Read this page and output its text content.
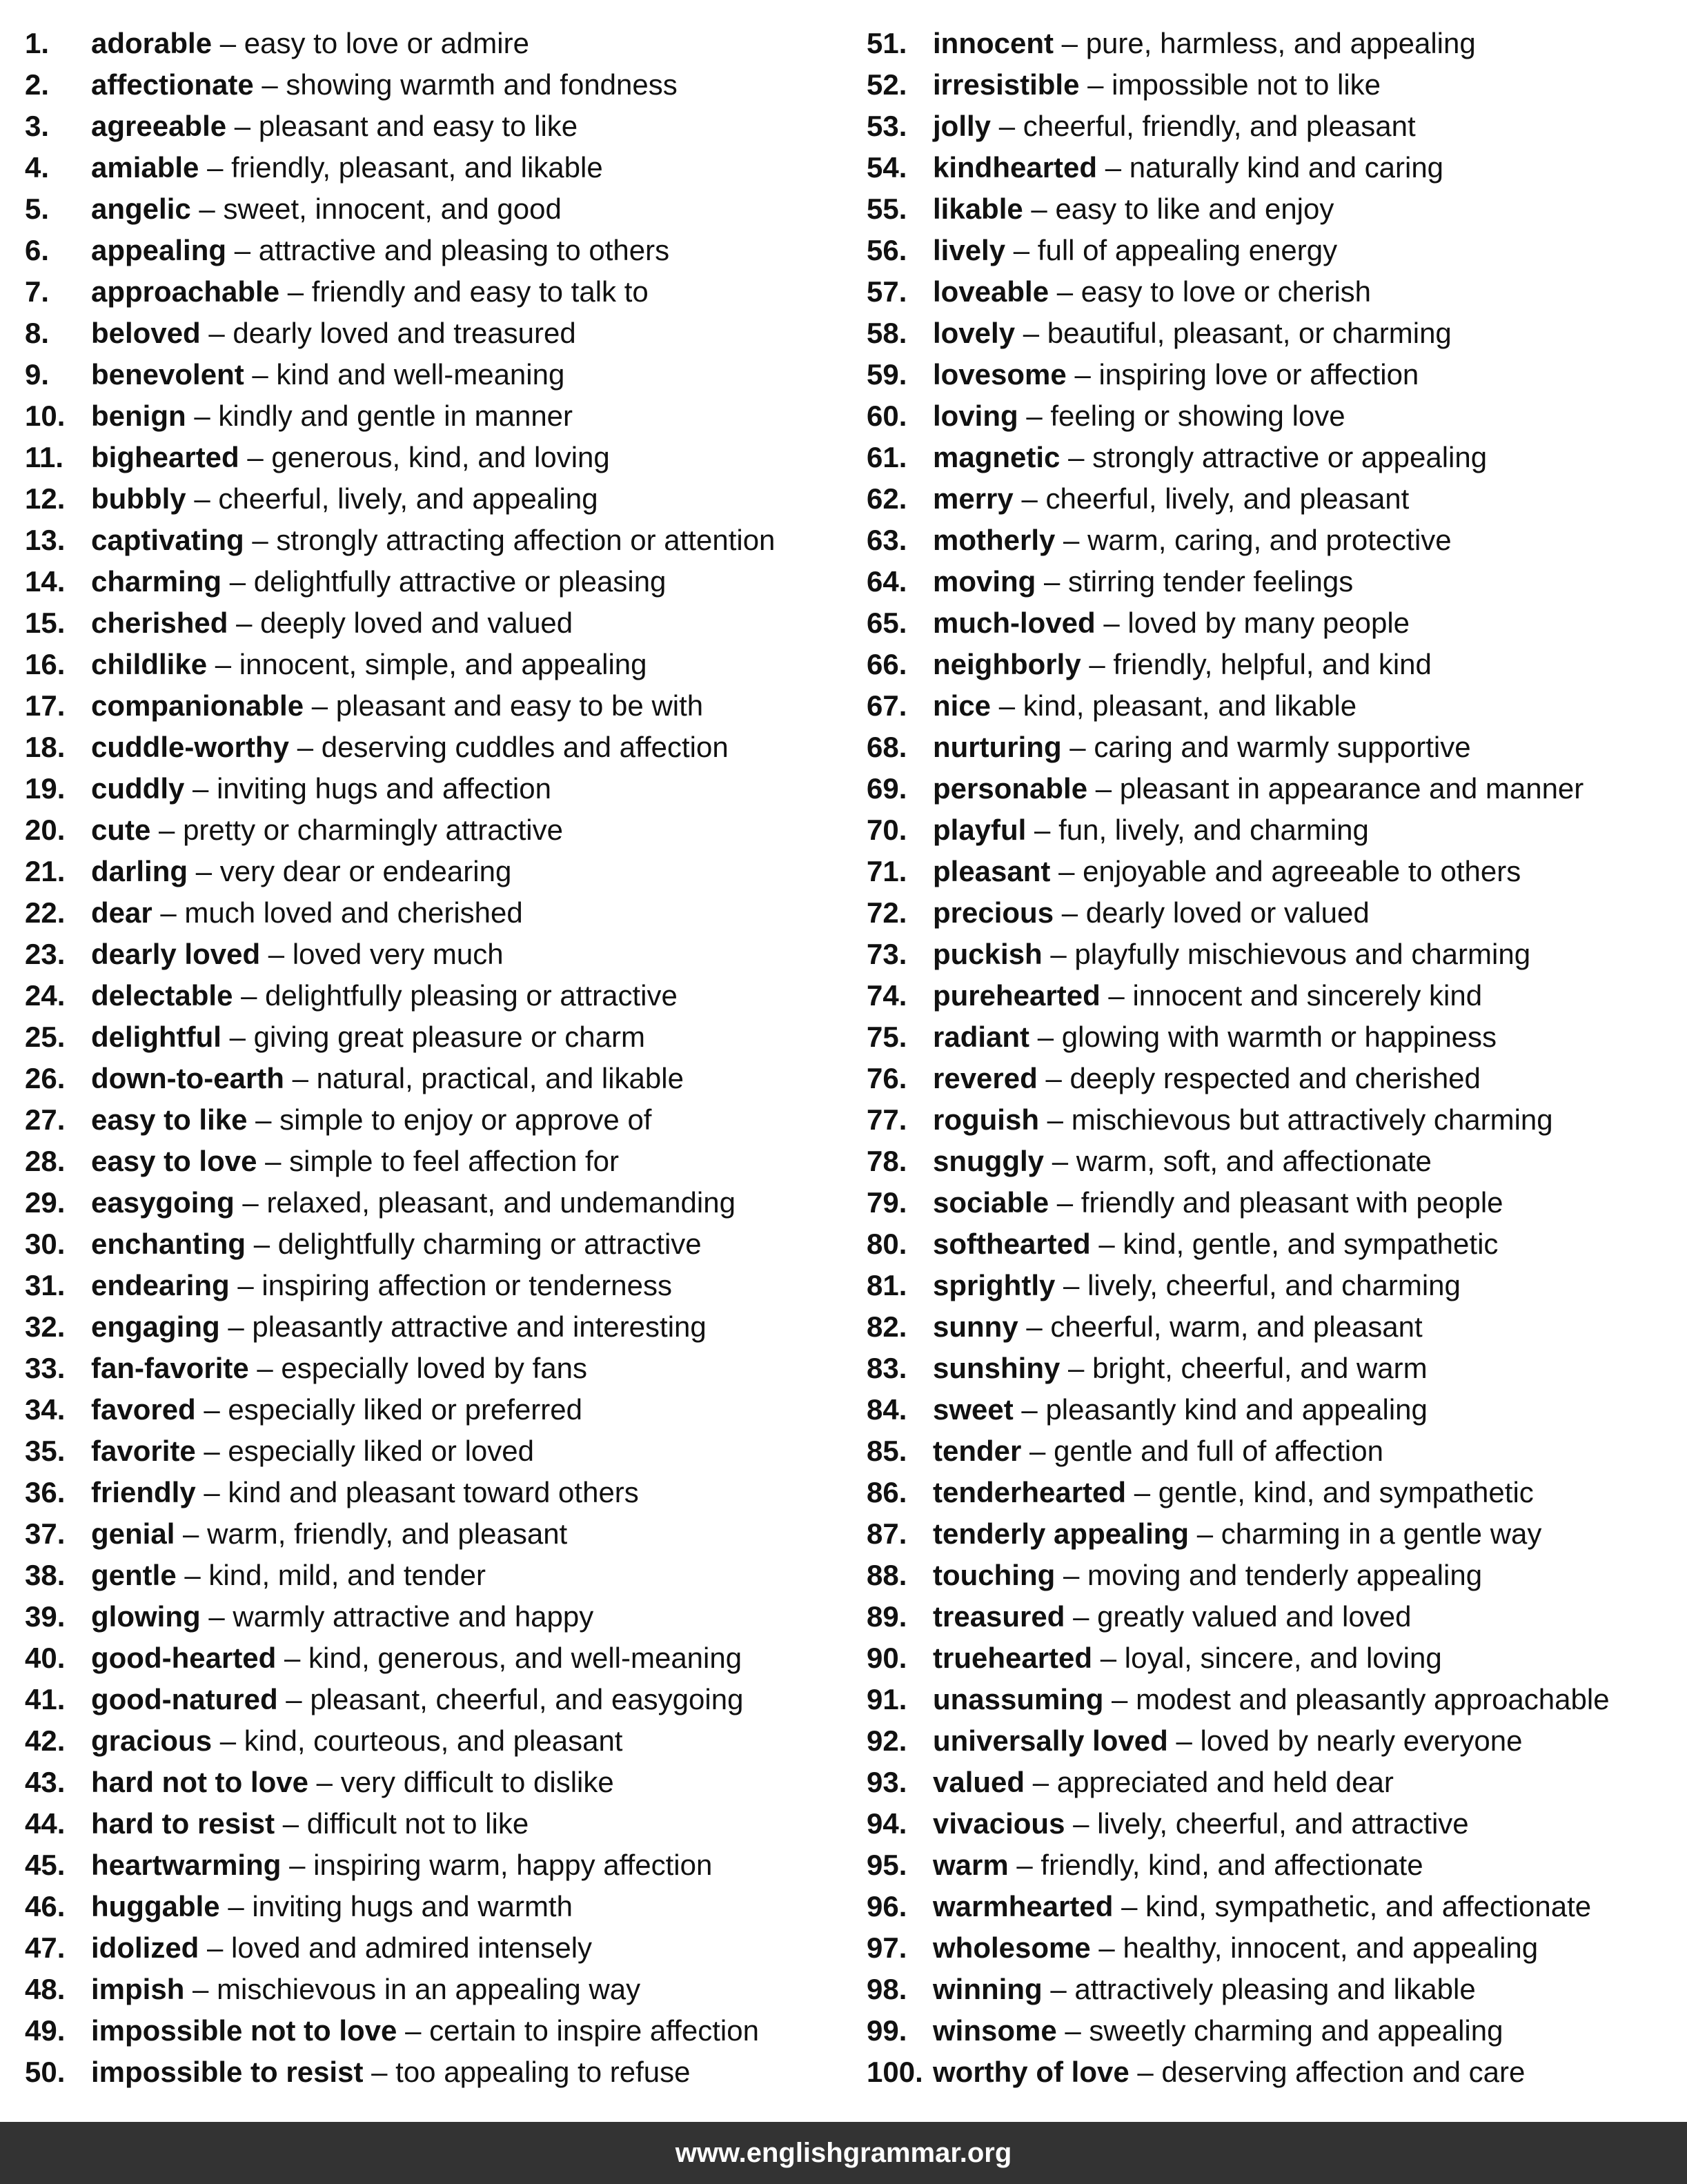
1.	adorable – easy to love or admire
2.	affectionate – showing warmth and fondness
3.	agreeable – pleasant and easy to like
4.	amiable – friendly, pleasant, and likable
5.	angelic – sweet, innocent, and good
6.	appealing – attractive and pleasing to others
7.	approachable – friendly and easy to talk to
8.	beloved – dearly loved and treasured
9.	benevolent – kind and well-meaning
10. benign – kindly and gentle in manner
11. bighearted – generous, kind, and loving
12. bubbly – cheerful, lively, and appealing
13. captivating – strongly attracting affection or attention
14. charming – delightfully attractive or pleasing
15. cherished – deeply loved and valued
16. childlike – innocent, simple, and appealing
17. companionable – pleasant and easy to be with
18. cuddle-worthy – deserving cuddles and affection
19. cuddly – inviting hugs and affection
20. cute – pretty or charmingly attractive
21. darling – very dear or endearing
22. dear – much loved and cherished
23. dearly loved – loved very much
24. delectable – delightfully pleasing or attractive
25. delightful – giving great pleasure or charm
26. down-to-earth – natural, practical, and likable
27. easy to like – simple to enjoy or approve of
28. easy to love – simple to feel affection for
29. easygoing – relaxed, pleasant, and undemanding
30. enchanting – delightfully charming or attractive
31. endearing – inspiring affection or tenderness
32. engaging – pleasantly attractive and interesting
33. fan-favorite – especially loved by fans
34. favored – especially liked or preferred
35. favorite – especially liked or loved
36. friendly – kind and pleasant toward others
37. genial – warm, friendly, and pleasant
38. gentle – kind, mild, and tender
39. glowing – warmly attractive and happy
40. good-hearted – kind, generous, and well-meaning
41. good-natured – pleasant, cheerful, and easygoing
42. gracious – kind, courteous, and pleasant
43. hard not to love – very difficult to dislike
44. hard to resist – difficult not to like
45. heartwarming – inspiring warm, happy affection
46. huggable – inviting hugs and warmth
47. idolized – loved and admired intensely
48. impish – mischievous in an appealing way
49. impossible not to love – certain to inspire affection
50. impossible to resist – too appealing to refuse
51. innocent – pure, harmless, and appealing
52. irresistible – impossible not to like
53. jolly – cheerful, friendly, and pleasant
54. kindhearted – naturally kind and caring
55. likable – easy to like and enjoy
56. lively – full of appealing energy
57. loveable – easy to love or cherish
58. lovely – beautiful, pleasant, or charming
59. lovesome – inspiring love or affection
60. loving – feeling or showing love
61. magnetic – strongly attractive or appealing
62. merry – cheerful, lively, and pleasant
63. motherly – warm, caring, and protective
64. moving – stirring tender feelings
65. much-loved – loved by many people
66. neighborly – friendly, helpful, and kind
67. nice – kind, pleasant, and likable
68. nurturing – caring and warmly supportive
69. personable – pleasant in appearance and manner
70. playful – fun, lively, and charming
71. pleasant – enjoyable and agreeable to others
72. precious – dearly loved or valued
73. puckish – playfully mischievous and charming
74. purehearted – innocent and sincerely kind
75. radiant – glowing with warmth or happiness
76. revered – deeply respected and cherished
77. roguish – mischievous but attractively charming
78. snuggly – warm, soft, and affectionate
79. sociable – friendly and pleasant with people
80. softhearted – kind, gentle, and sympathetic
81. sprightly – lively, cheerful, and charming
82. sunny – cheerful, warm, and pleasant
83. sunshiny – bright, cheerful, and warm
84. sweet – pleasantly kind and appealing
85. tender – gentle and full of affection
86. tenderhearted – gentle, kind, and sympathetic
87. tenderly appealing – charming in a gentle way
88. touching – moving and tenderly appealing
89. treasured – greatly valued and loved
90. truehearted – loyal, sincere, and loving
91. unassuming – modest and pleasantly approachable
92. universally loved – loved by nearly everyone
93. valued – appreciated and held dear
94. vivacious – lively, cheerful, and attractive
95. warm – friendly, kind, and affectionate
96. warmhearted – kind, sympathetic, and affectionate
97. wholesome – healthy, innocent, and appealing
98. winning – attractively pleasing and likable
99. winsome – sweetly charming and appealing
100. worthy of love – deserving affection and care
www.englishgrammar.org
